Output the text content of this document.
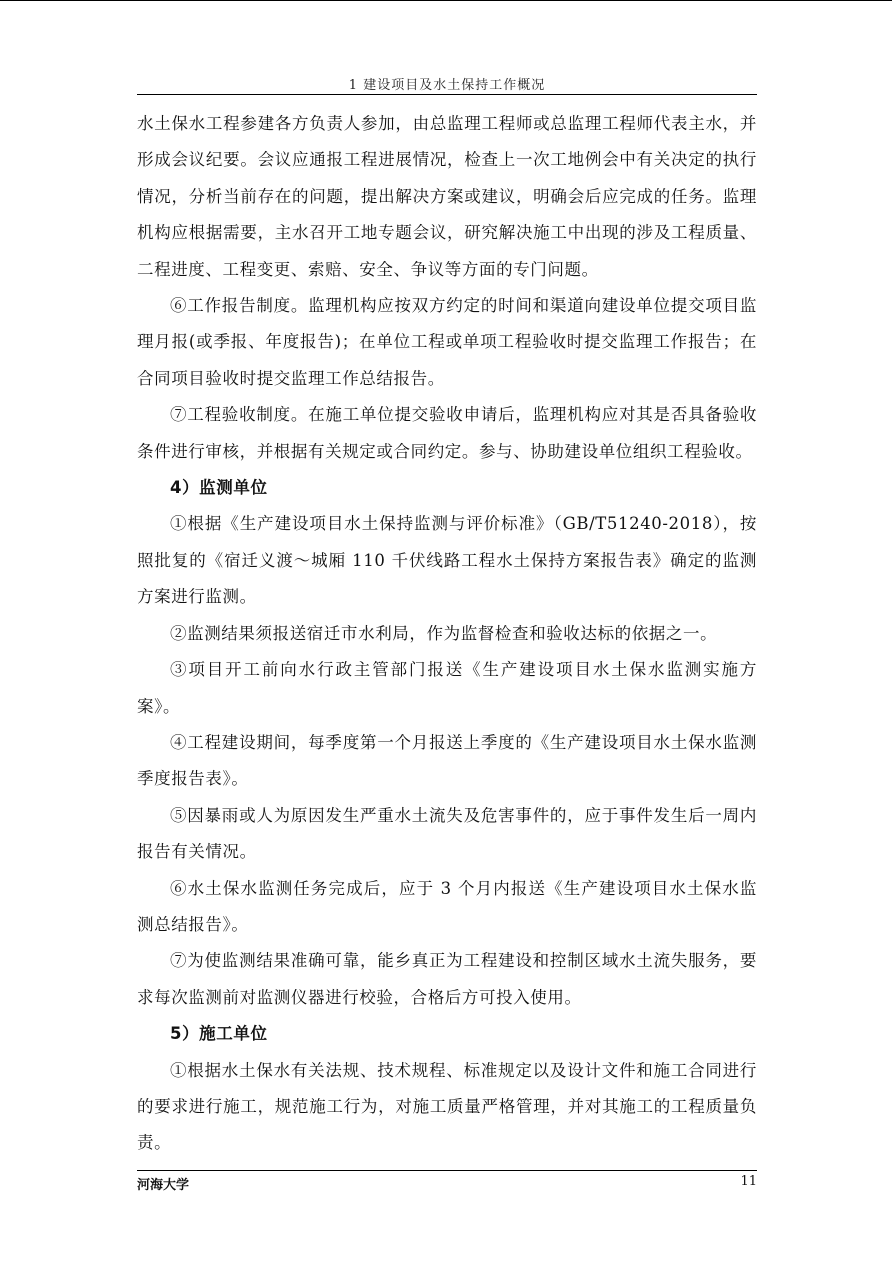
1 建设项目及水土保持工作概况

水土保水工程参建各方负责人参加，由总监理工程师或总监理工程师代表主水，并形成会议纪要。会议应通报工程进展情况，检查上一次工地例会中有关决定的执行情况，分析当前存在的问题，提出解决方案或建议，明确会后应完成的任务。监理机构应根据需要，主水召开工地专题会议，研究解决施工中出现的涉及工程质量、二程进度、工程变更、索赔、安全、争议等方面的专门问题。

⑥工作报告制度。监理机构应按双方约定的时间和渠道向建设单位提交项目监理月报(或季报、年度报告)；在单位工程或单项工程验收时提交监理工作报告；在合同项目验收时提交监理工作总结报告。

⑦工程验收制度。在施工单位提交验收申请后，监理机构应对其是否具备验收条件进行审核，并根据有关规定或合同约定。参与、协助建设单位组织工程验收。

4）监测单位

①根据《生产建设项目水土保持监测与评价标准》（GB/T51240-2018），按照批复的《宿迁义渡～城厢 110 千伏线路工程水土保持方案报告表》确定的监测方案进行监测。

②监测结果须报送宿迁市水利局，作为监督检查和验收达标的依据之一。

③项目开工前向水行政主管部门报送《生产建设项目水土保水监测实施方案》。

④工程建设期间，每季度第一个月报送上季度的《生产建设项目水土保水监测季度报告表》。

⑤因暴雨或人为原因发生严重水土流失及危害事件的，应于事件发生后一周内报告有关情况。

⑥水土保水监测任务完成后，应于 3 个月内报送《生产建设项目水土保水监测总结报告》。

⑦为使监测结果准确可靠，能乡真正为工程建设和控制区域水土流失服务，要求每次监测前对监测仪器进行校验，合格后方可投入使用。

5）施工单位

①根据水土保水有关法规、技术规程、标准规定以及设计文件和施工合同进行的要求进行施工，规范施工行为，对施工质量严格管理，并对其施工的工程质量负责。

河海大学	11
